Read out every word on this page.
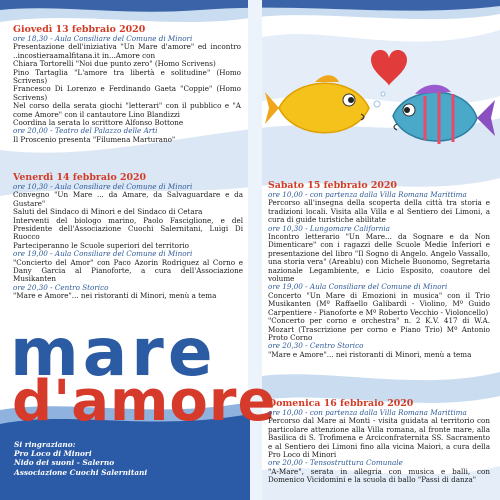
Giovedì 13 febbraio 2020

ore 18,30 - Aula Consiliare del Comune di Minori

Presentazione dell'iniziativa "Un Mare d'amore" ed incontro ..incostieraamalfitana.it in...Amore con

Chiara Tortorelli "Noi due punto zero" (Homo Scrivens)

Pino Tartaglia "L'amore tra libertà e solitudine" (Homo Scrivens)

Francesco Di Lorenzo e Ferdinando Gaeta "Coppie" (Homo Scrivens)

Nel corso della serata giochi "letterari" con il pubblico e "A come Amore" con il cantautore Lino Blandizzi

Coordina la serata lo scrittore Alfonso Bottone

ore 20,00 - Teatro del Palazzo delle Arti

Il Proscenio presenta "Filumena Marturano"

Venerdì 14 febbraio 2020

ore 10,30 - Aula Consiliare del Comune di Minori

Convegno "Un Mare ... da Amare, da Salvaguardare e da Gustare"

Saluti del Sindaco di Minori e del Sindaco di Cetara

Interventi del biologo marino, Paolo Fasciglione, e del Presidente dell'Associazione Cuochi Salernitani, Luigi Di Ruocco

Parteciperanno le Scuole superiori del territorio

ore 19,00 - Aula Consiliare del Comune di Minori

"Concierto del Amor" con Paco Azorin Rodriguez al Corno e Dany Garcia al Pianoforte, a cura dell'Associazione Musikanten

ore 20,30 - Centro Storico

"Mare e Amore"... nei ristoranti di Minori, menù a tema

mare
d'amore
Si ringraziano:
Pro Loco di Minori
Nido dei suoni - Salerno
Associazione Cuochi Salernitani

Sabato 15 febbraio 2020

ore 10,00 - con partenza dalla Villa Romana Marittima

Percorso all'insegna della scoperta della città tra storia e tradizioni locali. Visita alla Villa e al Sentiero dei Limoni, a cura di guide turistiche abilitate

ore 10,30 - Lungomare California

Incontro letterario "Un Mare... da Sognare e da Non Dimenticare" con i ragazzi delle Scuole Medie Inferiori e presentazione del libro "Il Sogno di Angelo. Angelo Vassallo, una storia vera" (Areablu) con Michele Buonomo, Segretaria nazionale Legambiente, e Licio Esposito, coautore del volume

ore 19,00 - Aula Consiliare del Comune di Minori

Concerto "Un Mare di Emozioni in musica" con il Trio Musikanten (Mº Raffaello Galibardi - Violino, Mº Guido Carpentiere - Pianoforte e Mº Roberto Vecchio - Violoncello)

"Concerto per corno e orchestra" n. 2 K.V. 417 di W.A. Mozart (Trascrizione per corno e Piano Trio) Mº Antonio Proto Corno

ore 20,30 - Centro Storico

"Mare e Amore"... nei ristoranti di Minori, menù a tema

Domenica 16 febbraio 2020

ore 10,00 - con partenza dalla Villa Romana Marittima

Percorso dal Mare ai Monti - visita guidata al territorio con particolare attenzione alla Villa romana, al fronte mare, alla Basilica di S. Trofimena e Arciconfraternita SS. Sacramento e al Sentiero dei Limoni fino alla vicina Maiori, a cura della Pro Loco di Minori

ore 20,00 - Tensostruttura Comunale

"A-Mare", serata in allegria con musica e balli, con Domenico Vicidomini e la scuola di ballo "Passi di danza"
